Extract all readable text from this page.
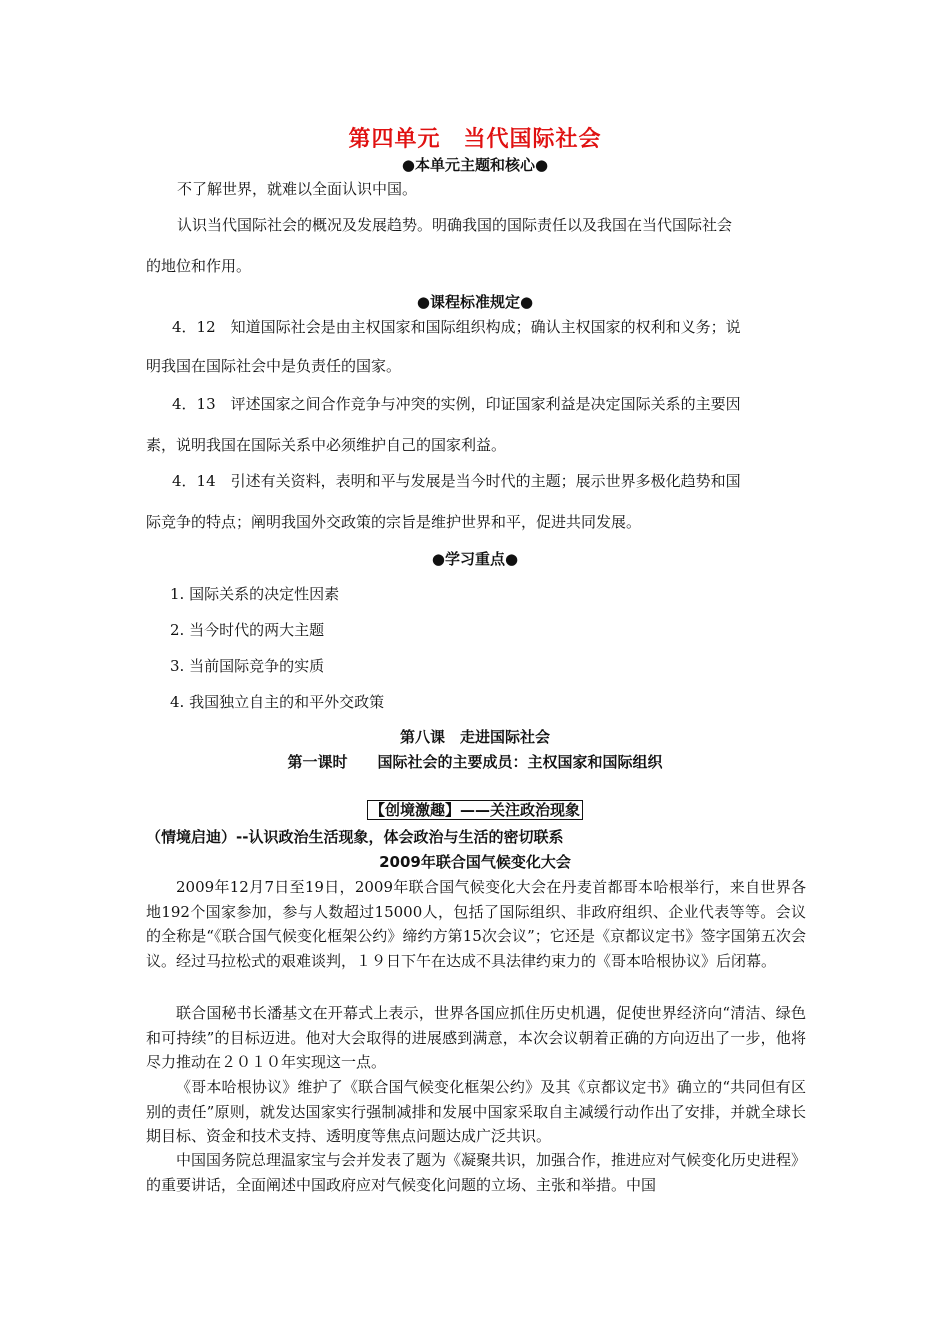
第四单元　当代国际社会
●本单元主题和核心●
不了解世界，就难以全面认识中国。
认识当代国际社会的概况及发展趋势。明确我国的国际责任以及我国在当代国际社会
的地位和作用。
●课程标准规定●
4．12　知道国际社会是由主权国家和国际组织构成；确认主权国家的权利和义务；说
明我国在国际社会中是负责任的国家。
4．13　评述国家之间合作竞争与冲突的实例，印证国家利益是决定国际关系的主要因
素，说明我国在国际关系中必须维护自己的国家利益。
4．14　引述有关资料，表明和平与发展是当今时代的主题；展示世界多极化趋势和国
际竞争的特点；阐明我国外交政策的宗旨是维护世界和平，促进共同发展。
●学习重点●
1. 国际关系的决定性因素
2. 当今时代的两大主题
3. 当前国际竞争的实质
4. 我国独立自主的和平外交政策
第八课　走进国际社会
第一课时　　国际社会的主要成员：主权国家和国际组织
【创境激趣】——关注政治现象
（情境启迪）--认识政治生活现象，体会政治与生活的密切联系
2009年联合国气候变化大会
2009年12月7日至19日，2009年联合国气候变化大会在丹麦首都哥本哈根举行，来自世界各地192个国家参加，参与人数超过15000人，包括了国际组织、非政府组织、企业代表等等。会议的全称是“《联合国气候变化框架公约》缔约方第15次会议”；它还是《京都议定书》签字国第五次会议。经过马拉松式的艰难谈判，１９日下午在达成不具法律约束力的《哥本哈根协议》后闭幕。
联合国秘书长潘基文在开幕式上表示，世界各国应抓住历史机遇，促使世界经济向“清洁、绿色和可持续”的目标迈进。他对大会取得的进展感到满意，本次会议朝着正确的方向迈出了一步，他将尽力推动在２０１０年实现这一点。
《哥本哈根协议》维护了《联合国气候变化框架公约》及其《京都议定书》确立的“共同但有区别的责任”原则，就发达国家实行强制减排和发展中国家采取自主减缓行动作出了安排，并就全球长期目标、资金和技术支持、透明度等焦点问题达成广泛共识。
中国国务院总理温家宝与会并发表了题为《凝聚共识，加强合作，推进应对气候变化历史进程》的重要讲话，全面阐述中国政府应对气候变化问题的立场、主张和举措。中国
